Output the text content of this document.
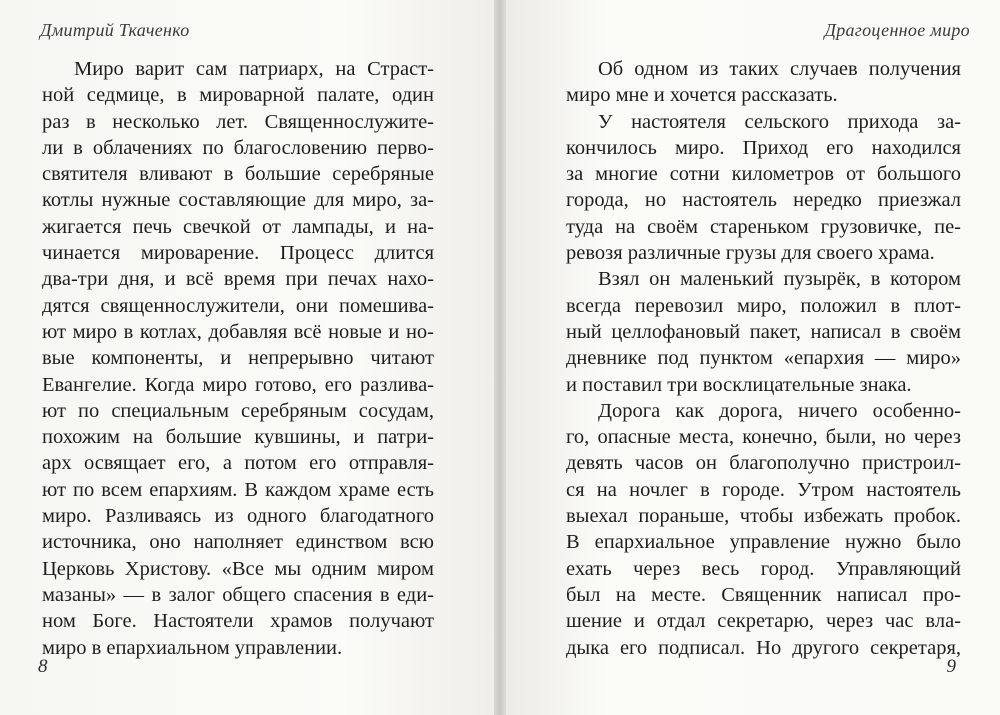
Дмитрий Ткаченко
Миро варит сам патриарх, на Страст-
ной седмице, в мироварной палате, один
раз в несколько лет. Священнослужите-
ли в облачениях по благословению перво-
святителя вливают в большие серебряные
котлы нужные составляющие для миро, за-
жигается печь свечкой от лампады, и на-
чинается мироварение. Процесс длится
два-три дня, и всё время при печах нахо-
дятся священнослужители, они помешива-
ют миро в котлах, добавляя всё новые и но-
вые компоненты, и непрерывно читают
Евангелие. Когда миро готово, его разлива-
ют по специальным серебряным сосудам,
похожим на большие кувшины, и патри-
арх освящает его, а потом его отправля-
ют по всем епархиям. В каждом храме есть
миро. Разливаясь из одного благодатного
источника, оно наполняет единством всю
Церковь Христову. «Все мы одним миром
мазаны» — в залог общего спасения в еди-
ном Боге. Настоятели храмов получают
миро в епархиальном управлении.
8
Драгоценное миро
Об одном из таких случаев получения
миро мне и хочется рассказать.
У настоятеля сельского прихода за-
кончилось миро. Приход его находился
за многие сотни километров от большого
города, но настоятель нередко приезжал
туда на своём стареньком грузовичке, пе-
ревозя различные грузы для своего храма.
Взял он маленький пузырёк, в котором
всегда перевозил миро, положил в плот-
ный целлофановый пакет, написал в своём
дневнике под пунктом «епархия — миро»
и поставил три восклицательные знака.
Дорога как дорога, ничего особенно-
го, опасные места, конечно, были, но через
девять часов он благополучно пристроил-
ся на ночлег в городе. Утром настоятель
выехал пораньше, чтобы избежать пробок.
В епархиальное управление нужно было
ехать через весь город. Управляющий
был на месте. Священник написал про-
шение и отдал секретарю, через час вла-
дыка его подписал. Но другого секретаря,
9
